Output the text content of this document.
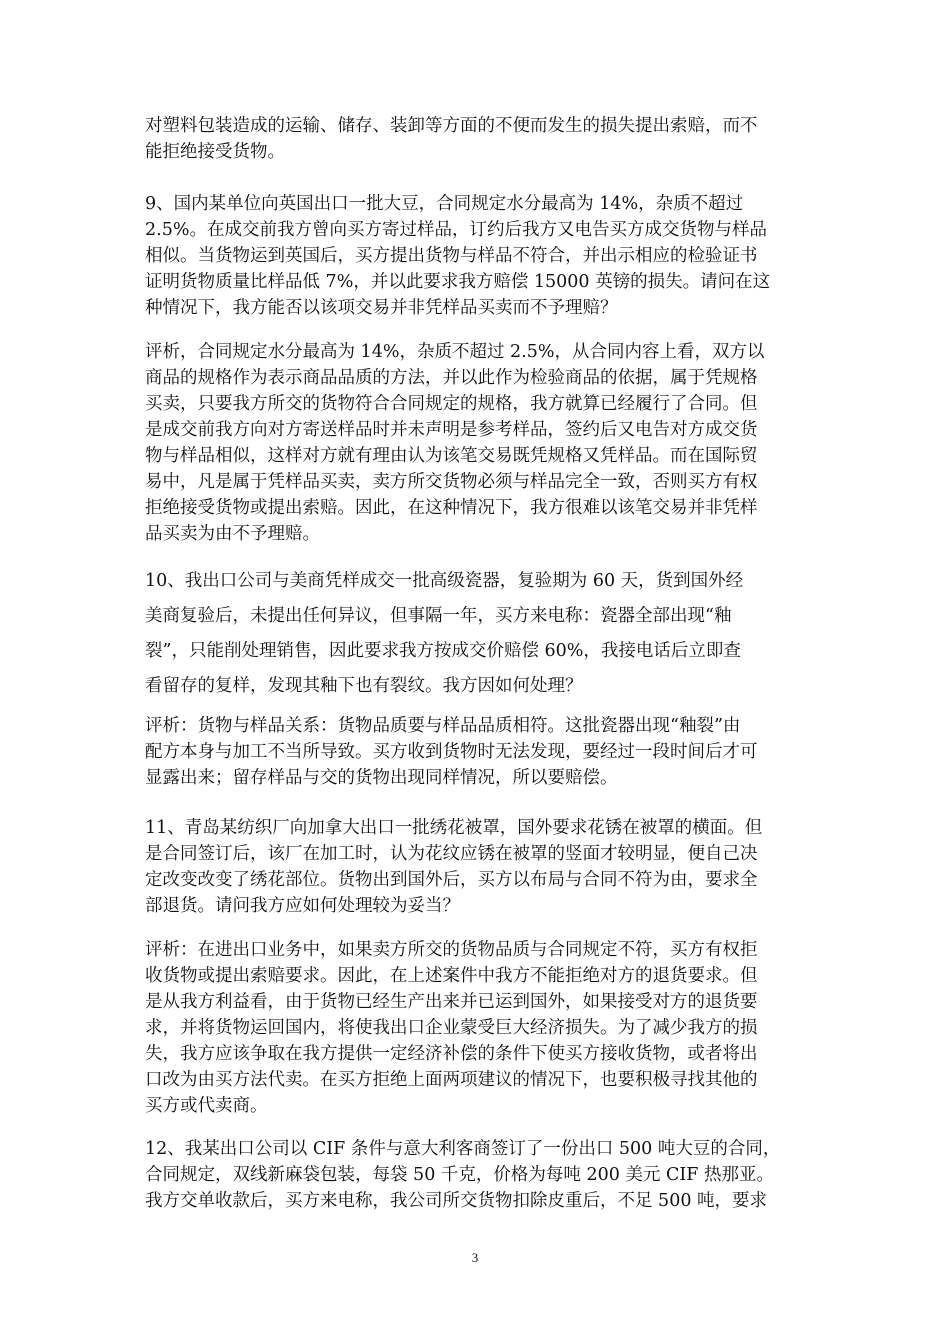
对塑料包装造成的运输、储存、装卸等方面的不便而发生的损失提出索赔，而不
能拒绝接受货物。
9、国内某单位向英国出口一批大豆，合同规定水分最高为 14%，杂质不超过
2.5%。在成交前我方曾向买方寄过样品，订约后我方又电告买方成交货物与样品
相似。当货物运到英国后，买方提出货物与样品不符合，并出示相应的检验证书
证明货物质量比样品低 7%，并以此要求我方赔偿 15000 英镑的损失。请问在这
种情况下，我方能否以该项交易并非凭样品买卖而不予理赔？
评析，合同规定水分最高为 14%，杂质不超过 2.5%，从合同内容上看，双方以
商品的规格作为表示商品品质的方法，并以此作为检验商品的依据，属于凭规格
买卖，只要我方所交的货物符合合同规定的规格，我方就算已经履行了合同。但
是成交前我方向对方寄送样品时并未声明是参考样品，签约后又电告对方成交货
物与样品相似，这样对方就有理由认为该笔交易既凭规格又凭样品。而在国际贸
易中，凡是属于凭样品买卖，卖方所交货物必须与样品完全一致，否则买方有权
拒绝接受货物或提出索赔。因此，在这种情况下，我方很难以该笔交易并非凭样
品买卖为由不予理赔。
10、我出口公司与美商凭样成交一批高级瓷器，复验期为 60 天，货到国外经
美商复验后，未提出任何异议，但事隔一年，买方来电称：瓷器全部出现“釉
裂”，只能削处理销售，因此要求我方按成交价赔偿 60%，我接电话后立即查
看留存的复样，发现其釉下也有裂纹。我方因如何处理？
评析：货物与样品关系：货物品质要与样品品质相符。这批瓷器出现“釉裂”由
配方本身与加工不当所导致。买方收到货物时无法发现，要经过一段时间后才可
显露出来；留存样品与交的货物出现同样情况，所以要赔偿。
11、青岛某纺织厂向加拿大出口一批绣花被罩，国外要求花锈在被罩的横面。但
是合同签订后，该厂在加工时，认为花纹应锈在被罩的竖面才较明显，便自己决
定改变改变了绣花部位。货物出到国外后，买方以布局与合同不符为由，要求全
部退货。请问我方应如何处理较为妥当？
评析：在进出口业务中，如果卖方所交的货物品质与合同规定不符，买方有权拒
收货物或提出索赔要求。因此，在上述案件中我方不能拒绝对方的退货要求。但
是从我方利益看，由于货物已经生产出来并已运到国外，如果接受对方的退货要
求，并将货物运回国内，将使我出口企业蒙受巨大经济损失。为了减少我方的损
失，我方应该争取在我方提供一定经济补偿的条件下使买方接收货物，或者将出
口改为由买方法代卖。在买方拒绝上面两项建议的情况下，也要积极寻找其他的
买方或代卖商。
12、我某出口公司以 CIF 条件与意大利客商签订了一份出口 500 吨大豆的合同，
合同规定，双线新麻袋包装，每袋 50 千克，价格为每吨 200 美元 CIF 热那亚。
我方交单收款后，买方来电称，我公司所交货物扣除皮重后，不足 500 吨，要求
3
